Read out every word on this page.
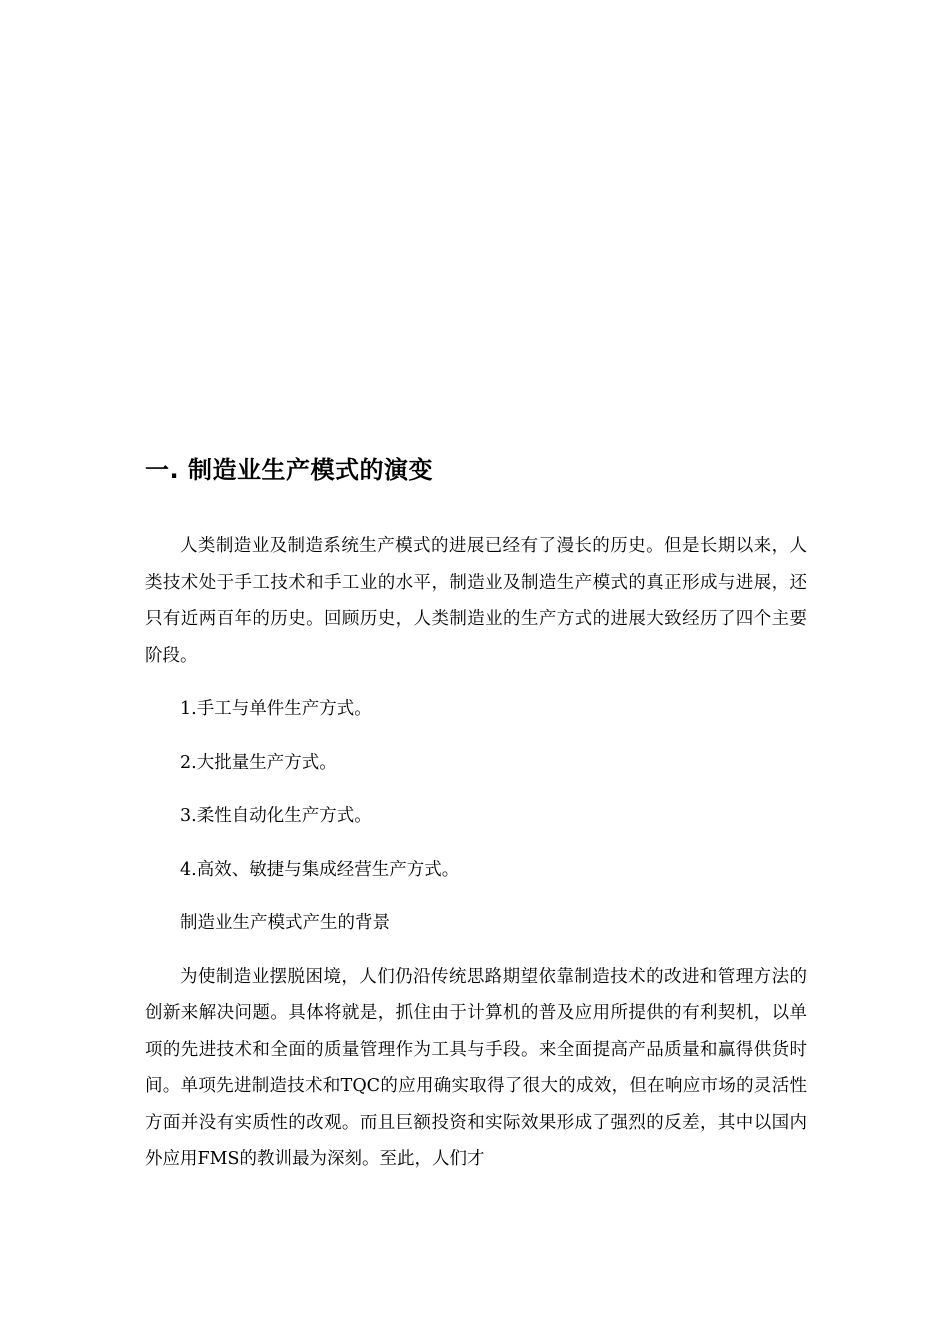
一. 制造业生产模式的演变

人类制造业及制造系统生产模式的进展已经有了漫长的历史。但是长期以来，人类技术处于手工技术和手工业的水平，制造业及制造生产模式的真正形成与进展，还只有近两百年的历史。回顾历史，人类制造业的生产方式的进展大致经历了四个主要阶段。

1.手工与单件生产方式。

2.大批量生产方式。

3.柔性自动化生产方式。

4.高效、敏捷与集成经营生产方式。

制造业生产模式产生的背景

为使制造业摆脱困境，人们仍沿传统思路期望依靠制造技术的改进和管理方法的创新来解决问题。具体将就是，抓住由于计算机的普及应用所提供的有利契机，以单项的先进技术和全面的质量管理作为工具与手段。来全面提高产品质量和赢得供货时间。单项先进制造技术和TQC的应用确实取得了很大的成效，但在响应市场的灵活性方面并没有实质性的改观。而且巨额投资和实际效果形成了强烈的反差，其中以国内外应用FMS的教训最为深刻。至此，人们才
